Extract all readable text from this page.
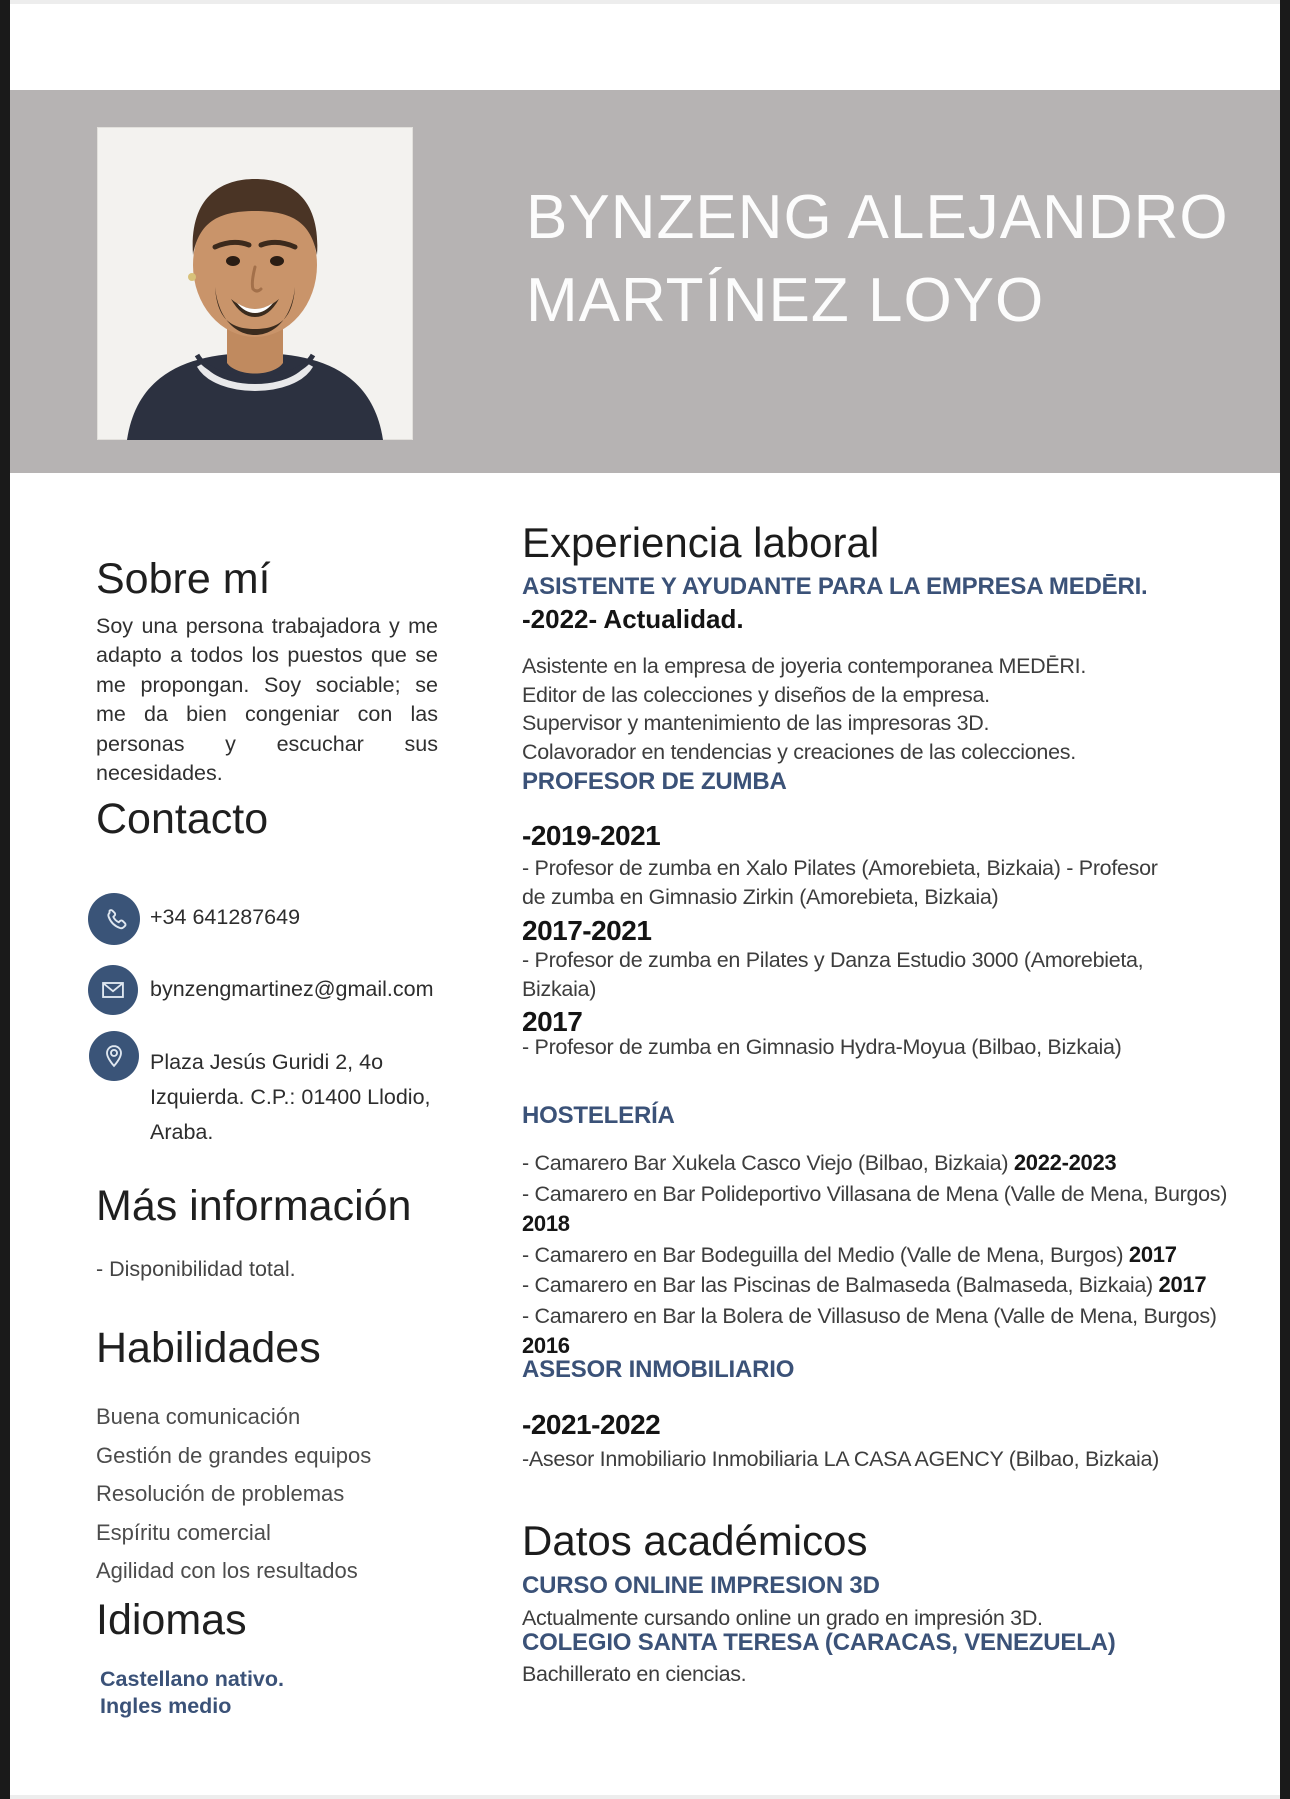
BYNZENG ALEJANDRO
MARTÍNEZ LOYO
Sobre mí
Soy una persona trabajadora y me adapto a todos los puestos que se me propongan. Soy sociable; se me da bien congeniar con las personas y escuchar sus necesidades.
Contacto
+34 641287649
bynzengmartinez@gmail.com
Plaza Jesús Guridi 2, 4o
Izquierda. C.P.: 01400 Llodio,
Araba.
Más información
- Disponibilidad total.
Habilidades
Buena comunicación
Gestión de grandes equipos
Resolución de problemas
Espíritu comercial
Agilidad con los resultados
Idiomas
Castellano nativo.
Ingles medio
Experiencia laboral
ASISTENTE Y AYUDANTE PARA LA EMPRESA MEDĒRI.
-2022- Actualidad.
Asistente en la empresa de joyeria contemporanea MEDĒRI.
Editor de las colecciones y diseños de la empresa.
Supervisor y mantenimiento de las impresoras 3D.
Colavorador en tendencias y creaciones de las colecciones.
PROFESOR DE ZUMBA
-2019-2021
- Profesor de zumba en Xalo Pilates (Amorebieta, Bizkaia) - Profesor
de zumba en Gimnasio Zirkin (Amorebieta, Bizkaia)
2017-2021
- Profesor de zumba en Pilates y Danza Estudio 3000 (Amorebieta,
Bizkaia)
2017
- Profesor de zumba en Gimnasio Hydra-Moyua (Bilbao, Bizkaia)
HOSTELERÍA
- Camarero Bar Xukela Casco Viejo (Bilbao, Bizkaia) 2022-2023
- Camarero en Bar Polideportivo Villasana de Mena (Valle de Mena, Burgos)
2018
- Camarero en Bar Bodeguilla del Medio (Valle de Mena, Burgos) 2017
- Camarero en Bar las Piscinas de Balmaseda (Balmaseda, Bizkaia) 2017
- Camarero en Bar la Bolera de Villasuso de Mena (Valle de Mena, Burgos)
2016
ASESOR INMOBILIARIO
-2021-2022
-Asesor Inmobiliario Inmobiliaria LA CASA AGENCY (Bilbao, Bizkaia)
Datos académicos
CURSO ONLINE IMPRESION 3D
Actualmente cursando online un grado en impresión 3D.
COLEGIO SANTA TERESA (CARACAS, VENEZUELA)
Bachillerato en ciencias.
